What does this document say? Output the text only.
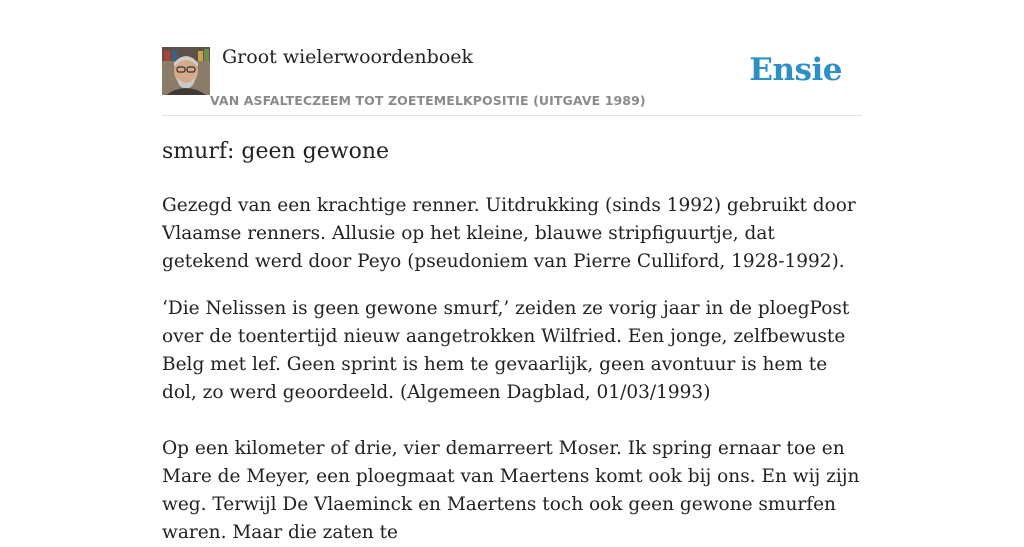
Groot wielerwoordenboek
VAN ASFALTECZEEM TOT ZOETEMELKPOSITIE (UITGAVE 1989)
Ensie
smurf: geen gewone

Gezegd van een krachtige renner. Uitdrukking (sinds 1992) gebruikt door Vlaamse renners. Allusie op het kleine, blauwe stripfiguurtje, dat getekend werd door Peyo (pseudoniem van Pierre Culliford, 1928-1992).

‘Die Nelissen is geen gewone smurf,’ zeiden ze vorig jaar in de ploegPost over de toentertijd nieuw aangetrokken Wilfried. Een jonge, zelfbewuste Belg met lef. Geen sprint is hem te gevaarlijk, geen avontuur is hem te dol, zo werd geoordeeld. (Algemeen Dagblad, 01/03/1993)

Op een kilometer of drie, vier demarreert Moser. Ik spring ernaar toe en Mare de Meyer, een ploegmaat van Maertens komt ook bij ons. En wij zijn weg. Terwijl De Vlaeminck en Maertens toch ook geen gewone smurfen waren. Maar die zaten te
